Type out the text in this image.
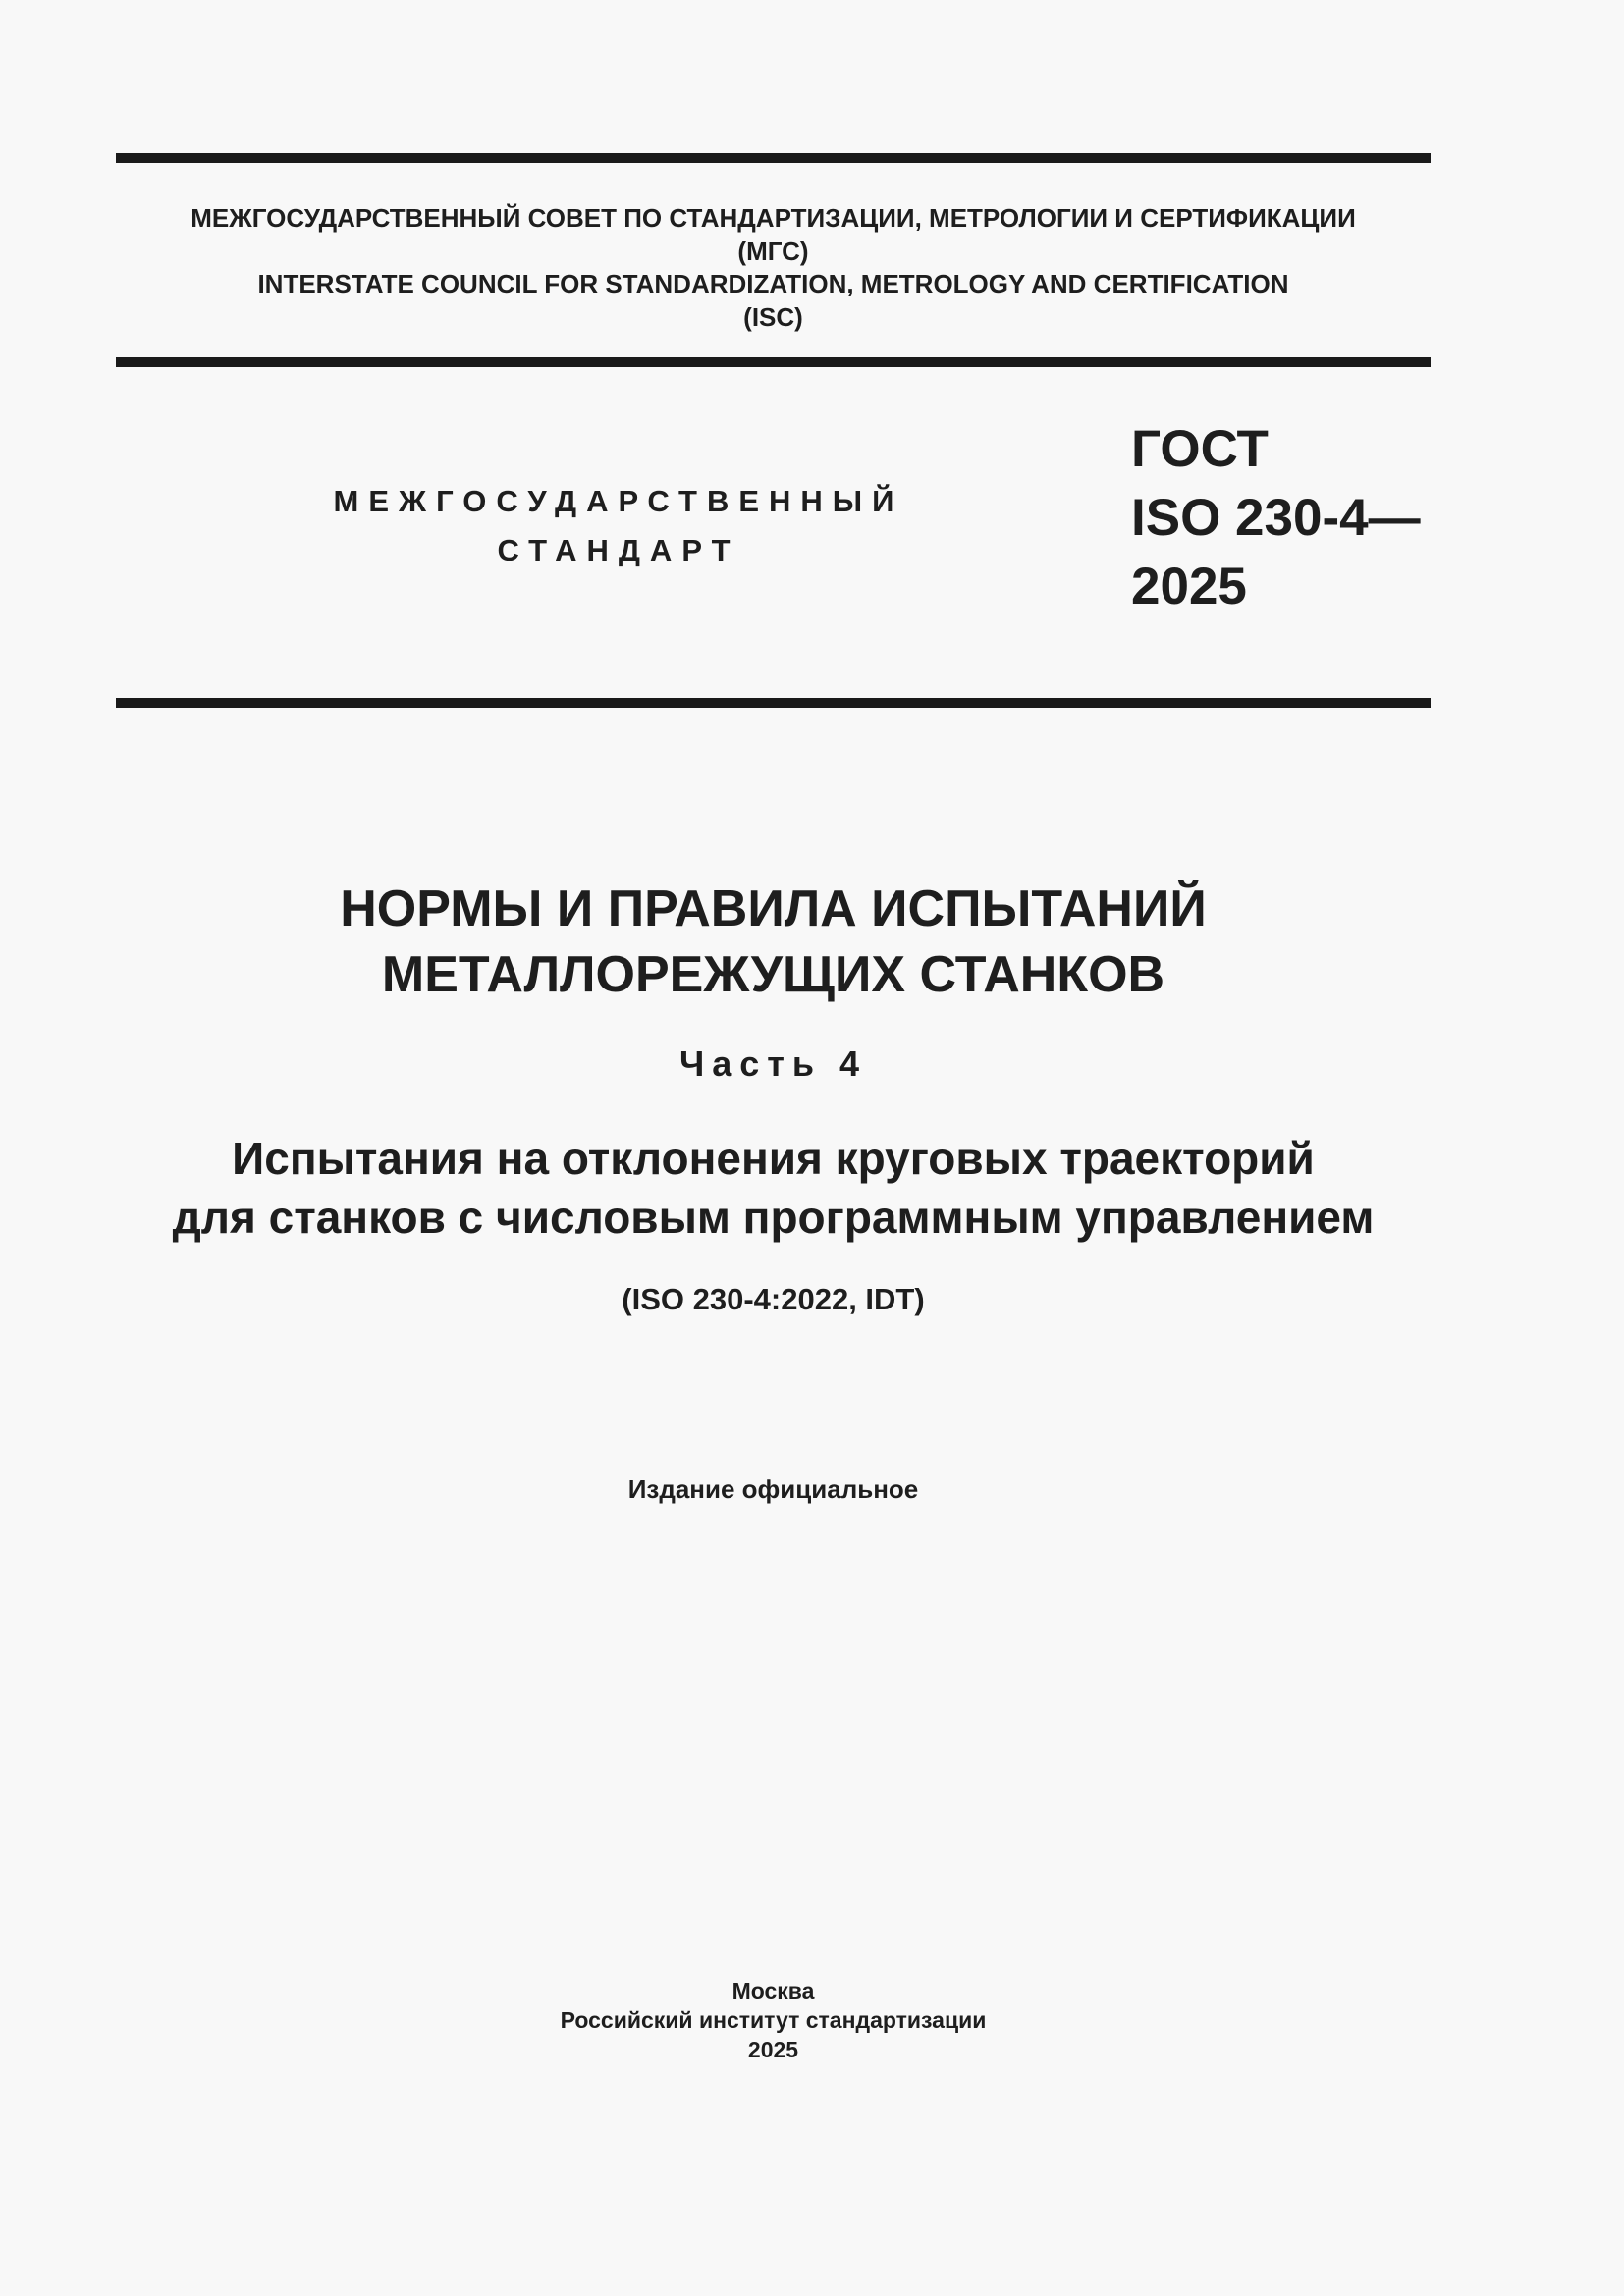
МЕЖГОСУДАРСТВЕННЫЙ СОВЕТ ПО СТАНДАРТИЗАЦИИ, МЕТРОЛОГИИ И СЕРТИФИКАЦИИ
(МГС)
INTERSTATE COUNCIL FOR STANDARDIZATION, METROLOGY AND CERTIFICATION
(ISC)
МЕЖГОСУДАРСТВЕННЫЙ
СТАНДАРТ
ГОСТ
ISO 230-4—
2025
НОРМЫ И ПРАВИЛА ИСПЫТАНИЙ
МЕТАЛЛОРЕЖУЩИХ СТАНКОВ
Часть 4
Испытания на отклонения круговых траекторий
для станков с числовым программным управлением
(ISO 230-4:2022, IDT)
Издание официальное
Москва
Российский институт стандартизации
2025
